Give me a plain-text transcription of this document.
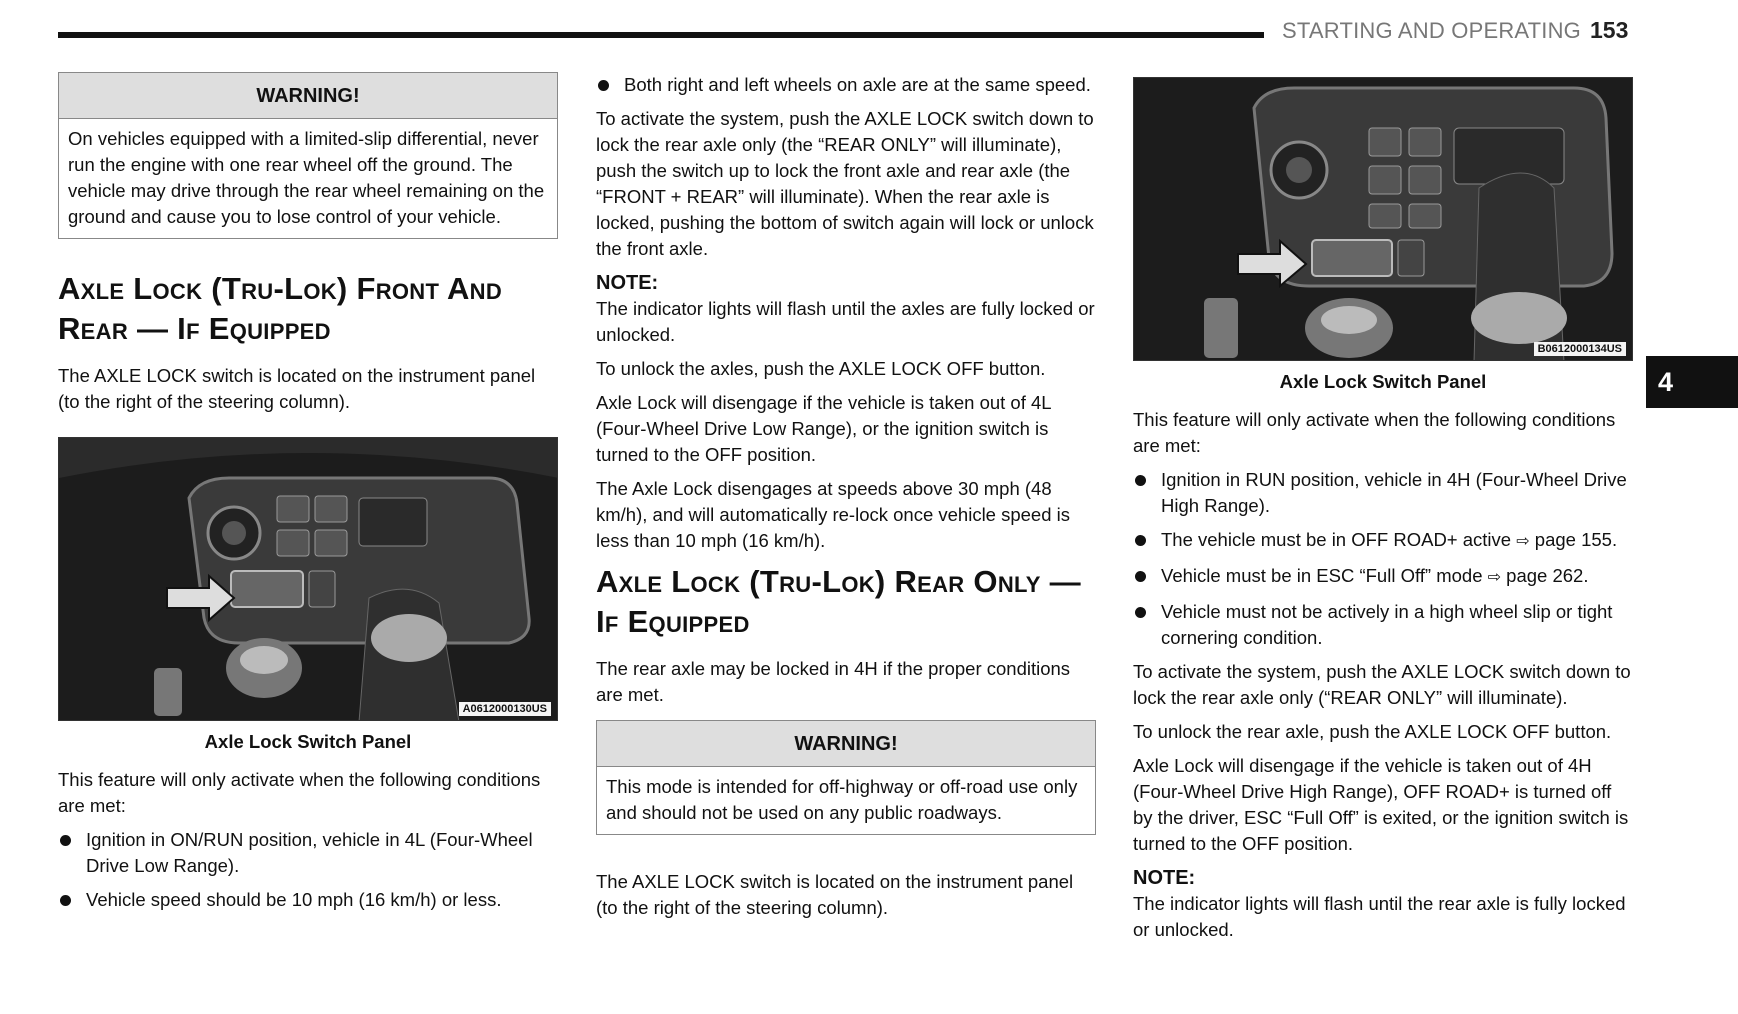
STARTING AND OPERATING 153
4
WARNING!
On vehicles equipped with a limited-slip differential, never run the engine with one rear wheel off the ground. The vehicle may drive through the rear wheel remaining on the ground and cause you to lose control of your vehicle.
Axle Lock (Tru-Lok) Front And
Rear — If Equipped

The AXLE LOCK switch is located on the instrument panel (to the right of the steering column).

A0612000130US
Axle Lock Switch Panel

This feature will only activate when the following conditions are met:

Ignition in ON/RUN position, vehicle in 4L (Four-Wheel Drive Low Range).
Vehicle speed should be 10 mph (16 km/h) or less.
Both right and left wheels on axle are at the same speed.

To activate the system, push the AXLE LOCK switch down to lock the rear axle only (the “REAR ONLY” will illuminate), push the switch up to lock the front axle and rear axle (the “FRONT + REAR” will illuminate). When the rear axle is locked, pushing the bottom of switch again will lock or unlock the front axle.

NOTE:

The indicator lights will flash until the axles are fully locked or unlocked.

To unlock the axles, push the AXLE LOCK OFF button.

Axle Lock will disengage if the vehicle is taken out of 4L (Four-Wheel Drive Low Range), or the ignition switch is turned to the OFF position.

The Axle Lock disengages at speeds above 30 mph (48 km/h), and will automatically re-lock once vehicle speed is less than 10 mph (16 km/h).

Axle Lock (Tru-Lok) Rear Only —
If Equipped

The rear axle may be locked in 4H if the proper conditions are met.

WARNING!
This mode is intended for off-highway or off-road use only and should not be used on any public roadways.

The AXLE LOCK switch is located on the instrument panel (to the right of the steering column).

B0612000134US
Axle Lock Switch Panel

This feature will only activate when the following conditions are met:

Ignition in RUN position, vehicle in 4H (Four-Wheel Drive High Range).
The vehicle must be in OFF ROAD+ active ⇨ page 155.
Vehicle must be in ESC “Full Off” mode ⇨ page 262.
Vehicle must not be actively in a high wheel slip or tight cornering condition.

To activate the system, push the AXLE LOCK switch down to lock the rear axle only (“REAR ONLY” will illuminate).

To unlock the rear axle, push the AXLE LOCK OFF button.

Axle Lock will disengage if the vehicle is taken out of 4H (Four-Wheel Drive High Range), OFF ROAD+ is turned off by the driver, ESC “Full Off” is exited, or the ignition switch is turned to the OFF position.

NOTE:

The indicator lights will flash until the rear axle is fully locked or unlocked.
